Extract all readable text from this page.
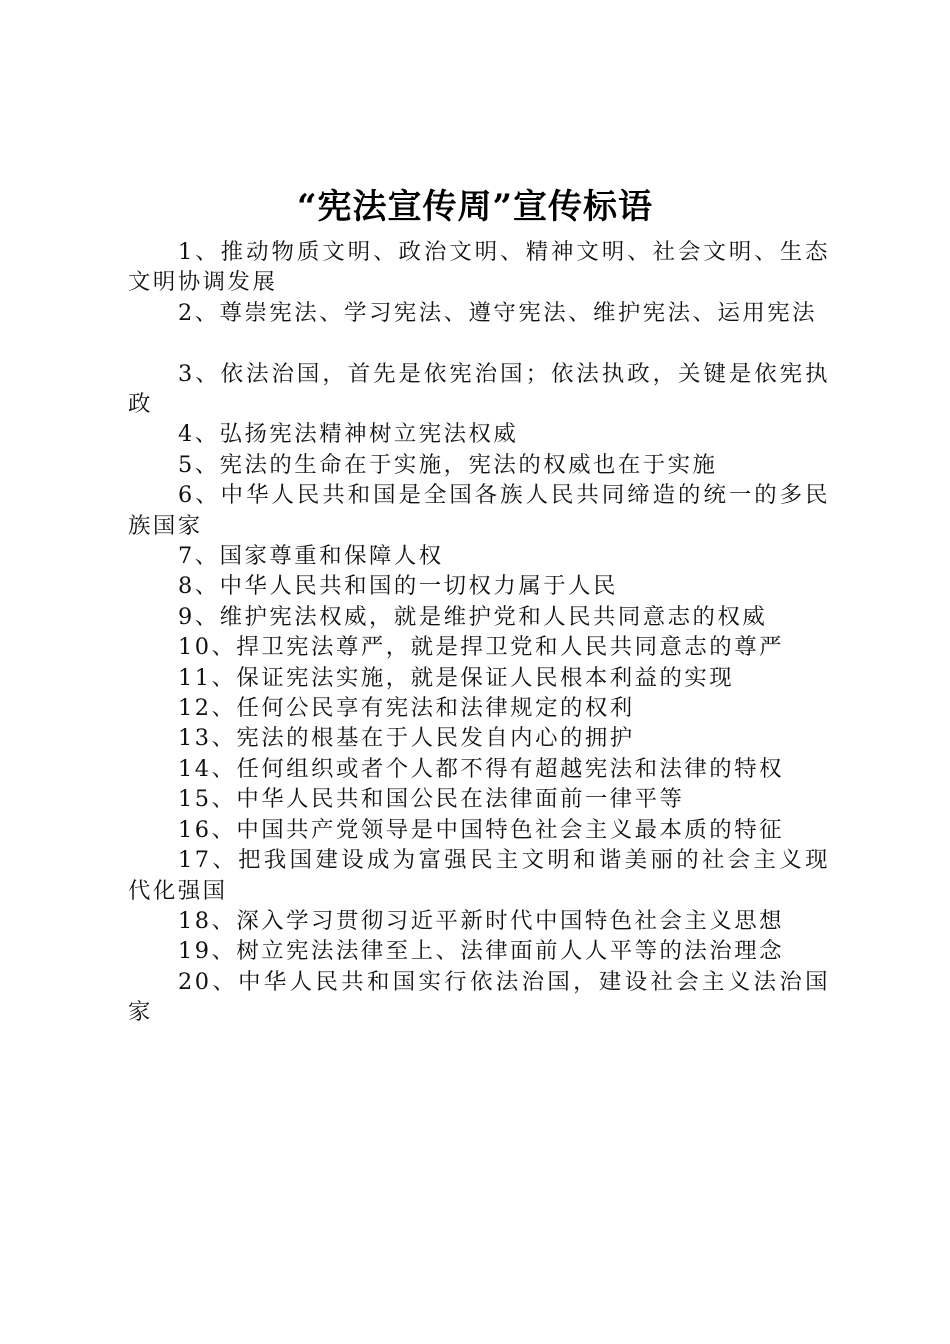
“宪法宣传周”宣传标语

1、推动物质文明、政治文明、精神文明、社会文明、生态文明协调发展

2、尊崇宪法、学习宪法、遵守宪法、维护宪法、运用宪法

3、依法治国，首先是依宪治国；依法执政，关键是依宪执政

4、弘扬宪法精神树立宪法权威

5、宪法的生命在于实施，宪法的权威也在于实施

6、中华人民共和国是全国各族人民共同缔造的统一的多民族国家

7、国家尊重和保障人权

8、中华人民共和国的一切权力属于人民

9、维护宪法权威，就是维护党和人民共同意志的权威

10、捍卫宪法尊严，就是捍卫党和人民共同意志的尊严

11、保证宪法实施，就是保证人民根本利益的实现

12、任何公民享有宪法和法律规定的权利

13、宪法的根基在于人民发自内心的拥护

14、任何组织或者个人都不得有超越宪法和法律的特权

15、中华人民共和国公民在法律面前一律平等

16、中国共产党领导是中国特色社会主义最本质的特征

17、把我国建设成为富强民主文明和谐美丽的社会主义现代化强国

18、深入学习贯彻习近平新时代中国特色社会主义思想

19、树立宪法法律至上、法律面前人人平等的法治理念

20、中华人民共和国实行依法治国，建设社会主义法治国家
